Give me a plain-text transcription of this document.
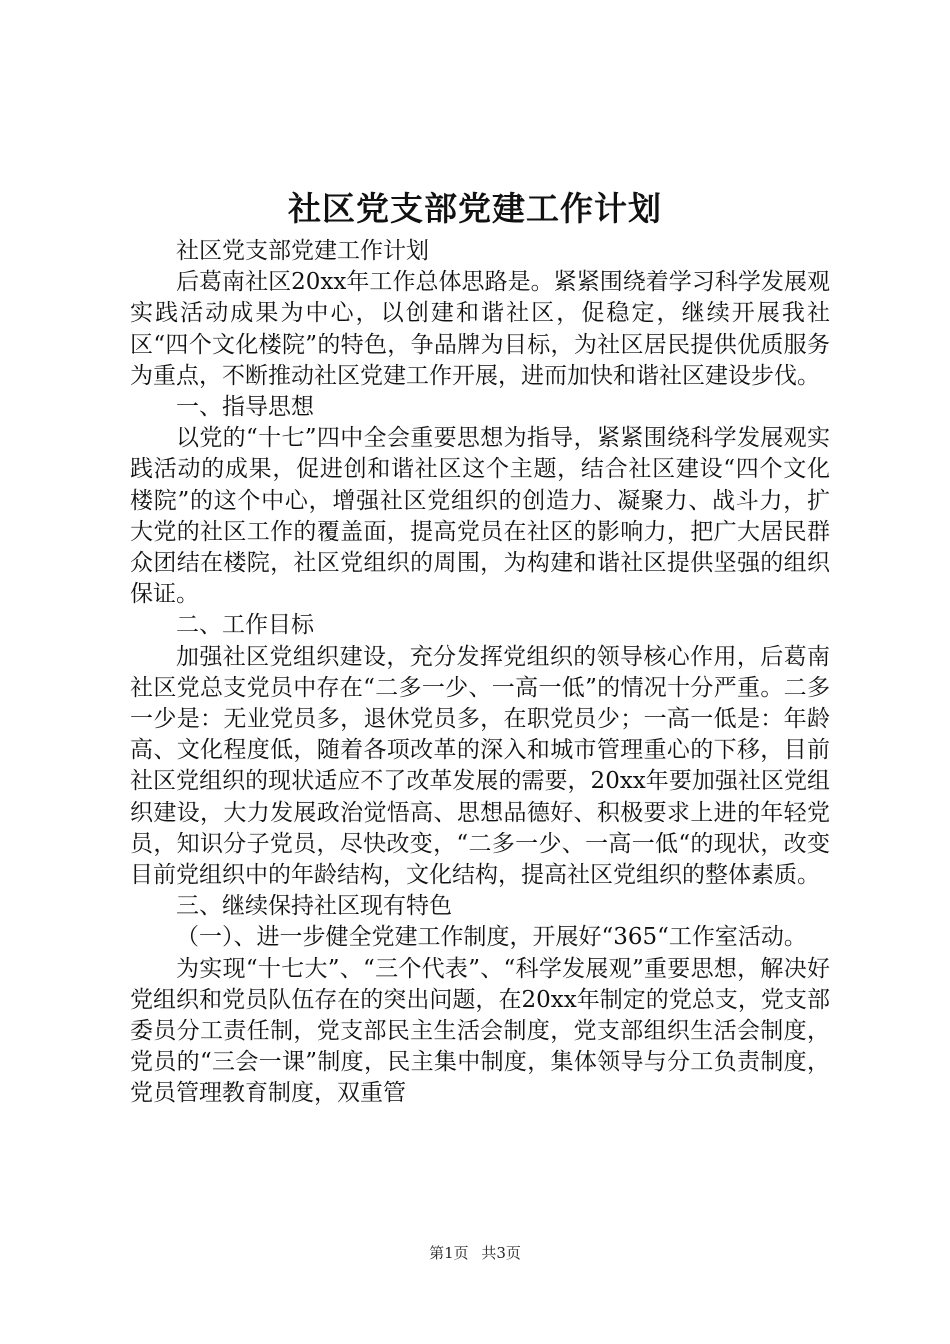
社区党支部党建工作计划

社区党支部党建工作计划

后葛南社区20xx年工作总体思路是。紧紧围绕着学习科学发展观实践活动成果为中心，以创建和谐社区，促稳定，继续开展我社区“四个文化楼院”的特色，争品牌为目标，为社区居民提供优质服务为重点，不断推动社区党建工作开展，进而加快和谐社区建设步伐。

一、指导思想

以党的“十七”四中全会重要思想为指导，紧紧围绕科学发展观实践活动的成果，促进创和谐社区这个主题，结合社区建设“四个文化楼院”的这个中心，增强社区党组织的创造力、凝聚力、战斗力，扩大党的社区工作的覆盖面，提高党员在社区的影响力，把广大居民群众团结在楼院，社区党组织的周围，为构建和谐社区提供坚强的组织保证。

二、工作目标

加强社区党组织建设，充分发挥党组织的领导核心作用，后葛南社区党总支党员中存在“二多一少、一高一低”的情况十分严重。二多一少是：无业党员多，退休党员多，在职党员少；一高一低是：年龄高、文化程度低，随着各项改革的深入和城市管理重心的下移，目前社区党组织的现状适应不了改革发展的需要，20xx年要加强社区党组织建设，大力发展政治觉悟高、思想品德好、积极要求上进的年轻党员，知识分子党员，尽快改变，“二多一少、一高一低“的现状，改变目前党组织中的年龄结构，文化结构，提高社区党组织的整体素质。

三、继续保持社区现有特色

（一）、进一步健全党建工作制度，开展好“365“工作室活动。

为实现“十七大”、“三个代表”、“科学发展观”重要思想，解决好党组织和党员队伍存在的突出问题，在20xx年制定的党总支，党支部委员分工责任制，党支部民主生活会制度，党支部组织生活会制度，党员的“三会一课”制度，民主集中制度，集体领导与分工负责制度，党员管理教育制度，双重管

第1页 共3页
